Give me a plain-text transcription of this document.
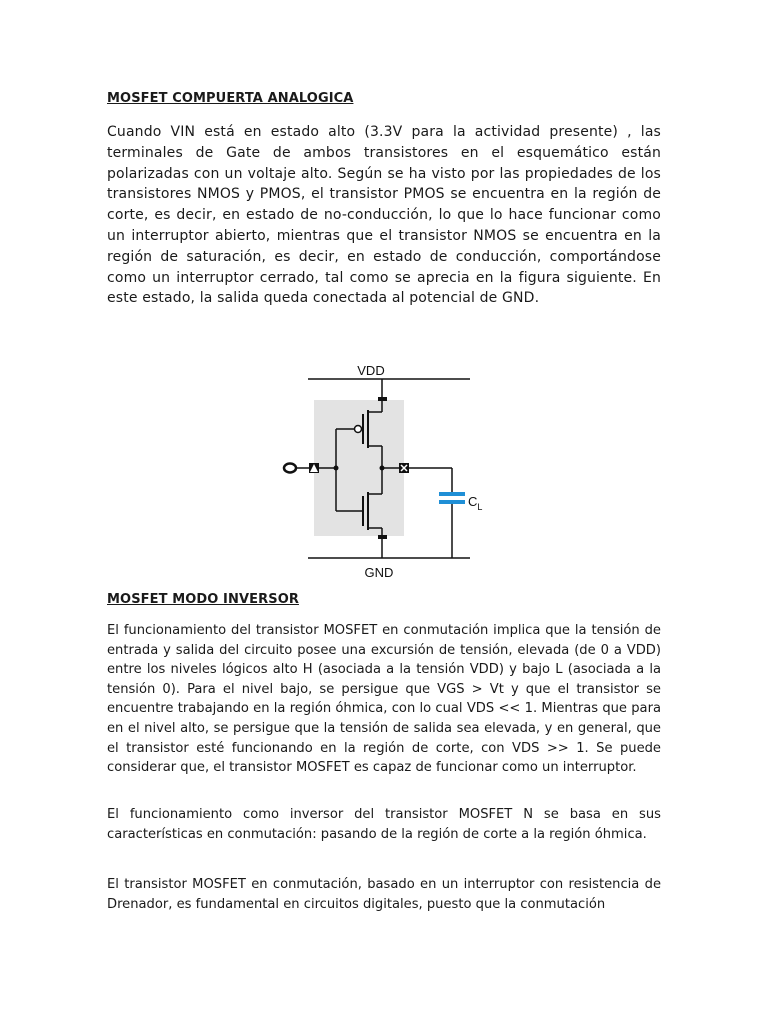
MOSFET COMPUERTA ANALOGICA

Cuando VIN está en estado alto (3.3V para la actividad presente) , las terminales de Gate de ambos transistores en el esquemático están polarizadas con un voltaje alto. Según se ha visto por las propiedades de los transistores NMOS y PMOS, el transistor PMOS se encuentra en la región de corte, es decir, en estado de no-conducción, lo que lo hace funcionar como un interruptor abierto, mientras que el transistor NMOS se encuentra en la región de saturación, es decir, en estado de conducción, comportándose como un interruptor cerrado, tal como se aprecia en la figura siguiente. En este estado, la salida queda conectada al potencial de GND.

MOSFET MODO INVERSOR

El funcionamiento del transistor MOSFET en conmutación implica que la tensión de entrada y salida del circuito posee una excursión de tensión, elevada (de 0 a VDD) entre los niveles lógicos alto H (asociada a la tensión VDD) y bajo L (asociada a la tensión 0). Para el nivel bajo, se persigue que VGS > Vt y que el transistor se encuentre trabajando en la región óhmica, con lo cual VDS << 1. Mientras que para en el nivel alto, se persigue que la tensión de salida sea elevada, y en general, que el transistor esté funcionando en la región de corte, con VDS >> 1. Se puede considerar que, el transistor MOSFET es capaz de funcionar como un interruptor.

El funcionamiento como inversor del transistor MOSFET N se basa en sus características en conmutación: pasando de la región de corte a la región óhmica.

El transistor MOSFET en conmutación, basado en un interruptor con resistencia de Drenador, es fundamental en circuitos digitales, puesto que la conmutación

VDD
GND
$C_L$
